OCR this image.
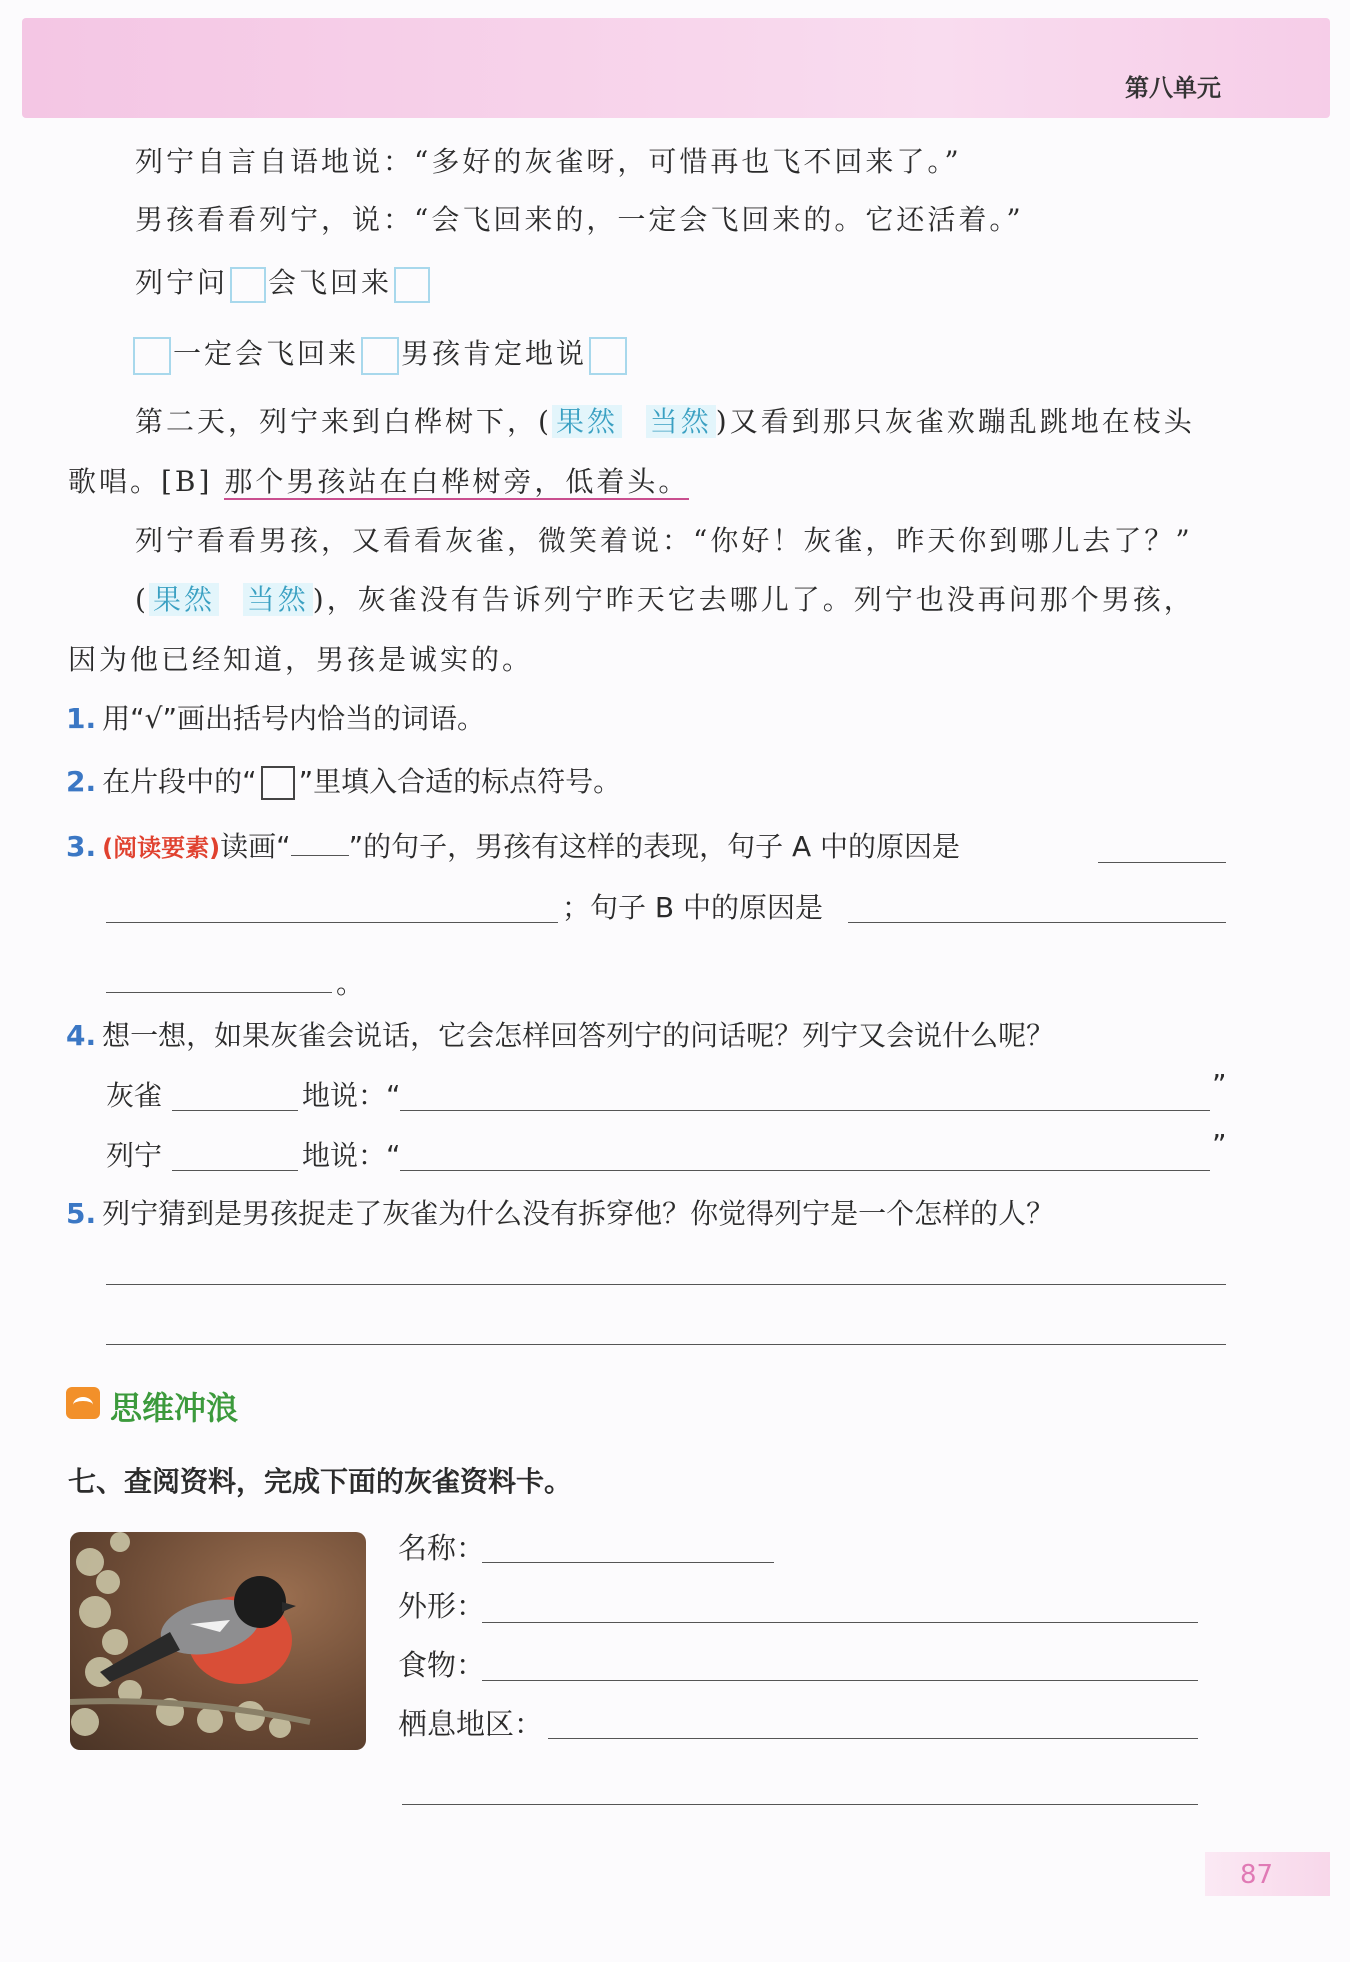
第八单元
列宁自言自语地说：“多好的灰雀呀，可惜再也飞不回来了。”
男孩看看列宁，说：“会飞回来的，一定会飞回来的。它还活着。”
列宁问 会飞回来
一定会飞回来 男孩肯定地说
第二天，列宁来到白桦树下，( 果然 当然 )又看到那只灰雀欢蹦乱跳地在枝头
歌唱。[B] 那个男孩站在白桦树旁，低着头。
列宁看看男孩，又看看灰雀，微笑着说：“你好！灰雀，昨天你到哪儿去了？”
( 果然 当然 )，灰雀没有告诉列宁昨天它去哪儿了。列宁也没再问那个男孩，
因为他已经知道，男孩是诚实的。
1. 用“√”画出括号内恰当的词语。
2. 在片段中的“ ”里填入合适的标点符号。
3. (阅读要素)读画“ ”的句子，男孩有这样的表现，句子 A 中的原因是
；句子 B 中的原因是
。
4. 想一想，如果灰雀会说话，它会怎样回答列宁的问话呢？列宁又会说什么呢？
灰雀	地说：“	”
列宁	地说：“	”
5. 列宁猜到是男孩捉走了灰雀为什么没有拆穿他？你觉得列宁是一个怎样的人？
思维冲浪
七、查阅资料，完成下面的灰雀资料卡。
名称：
外形：
食物：
栖息地区：
87
